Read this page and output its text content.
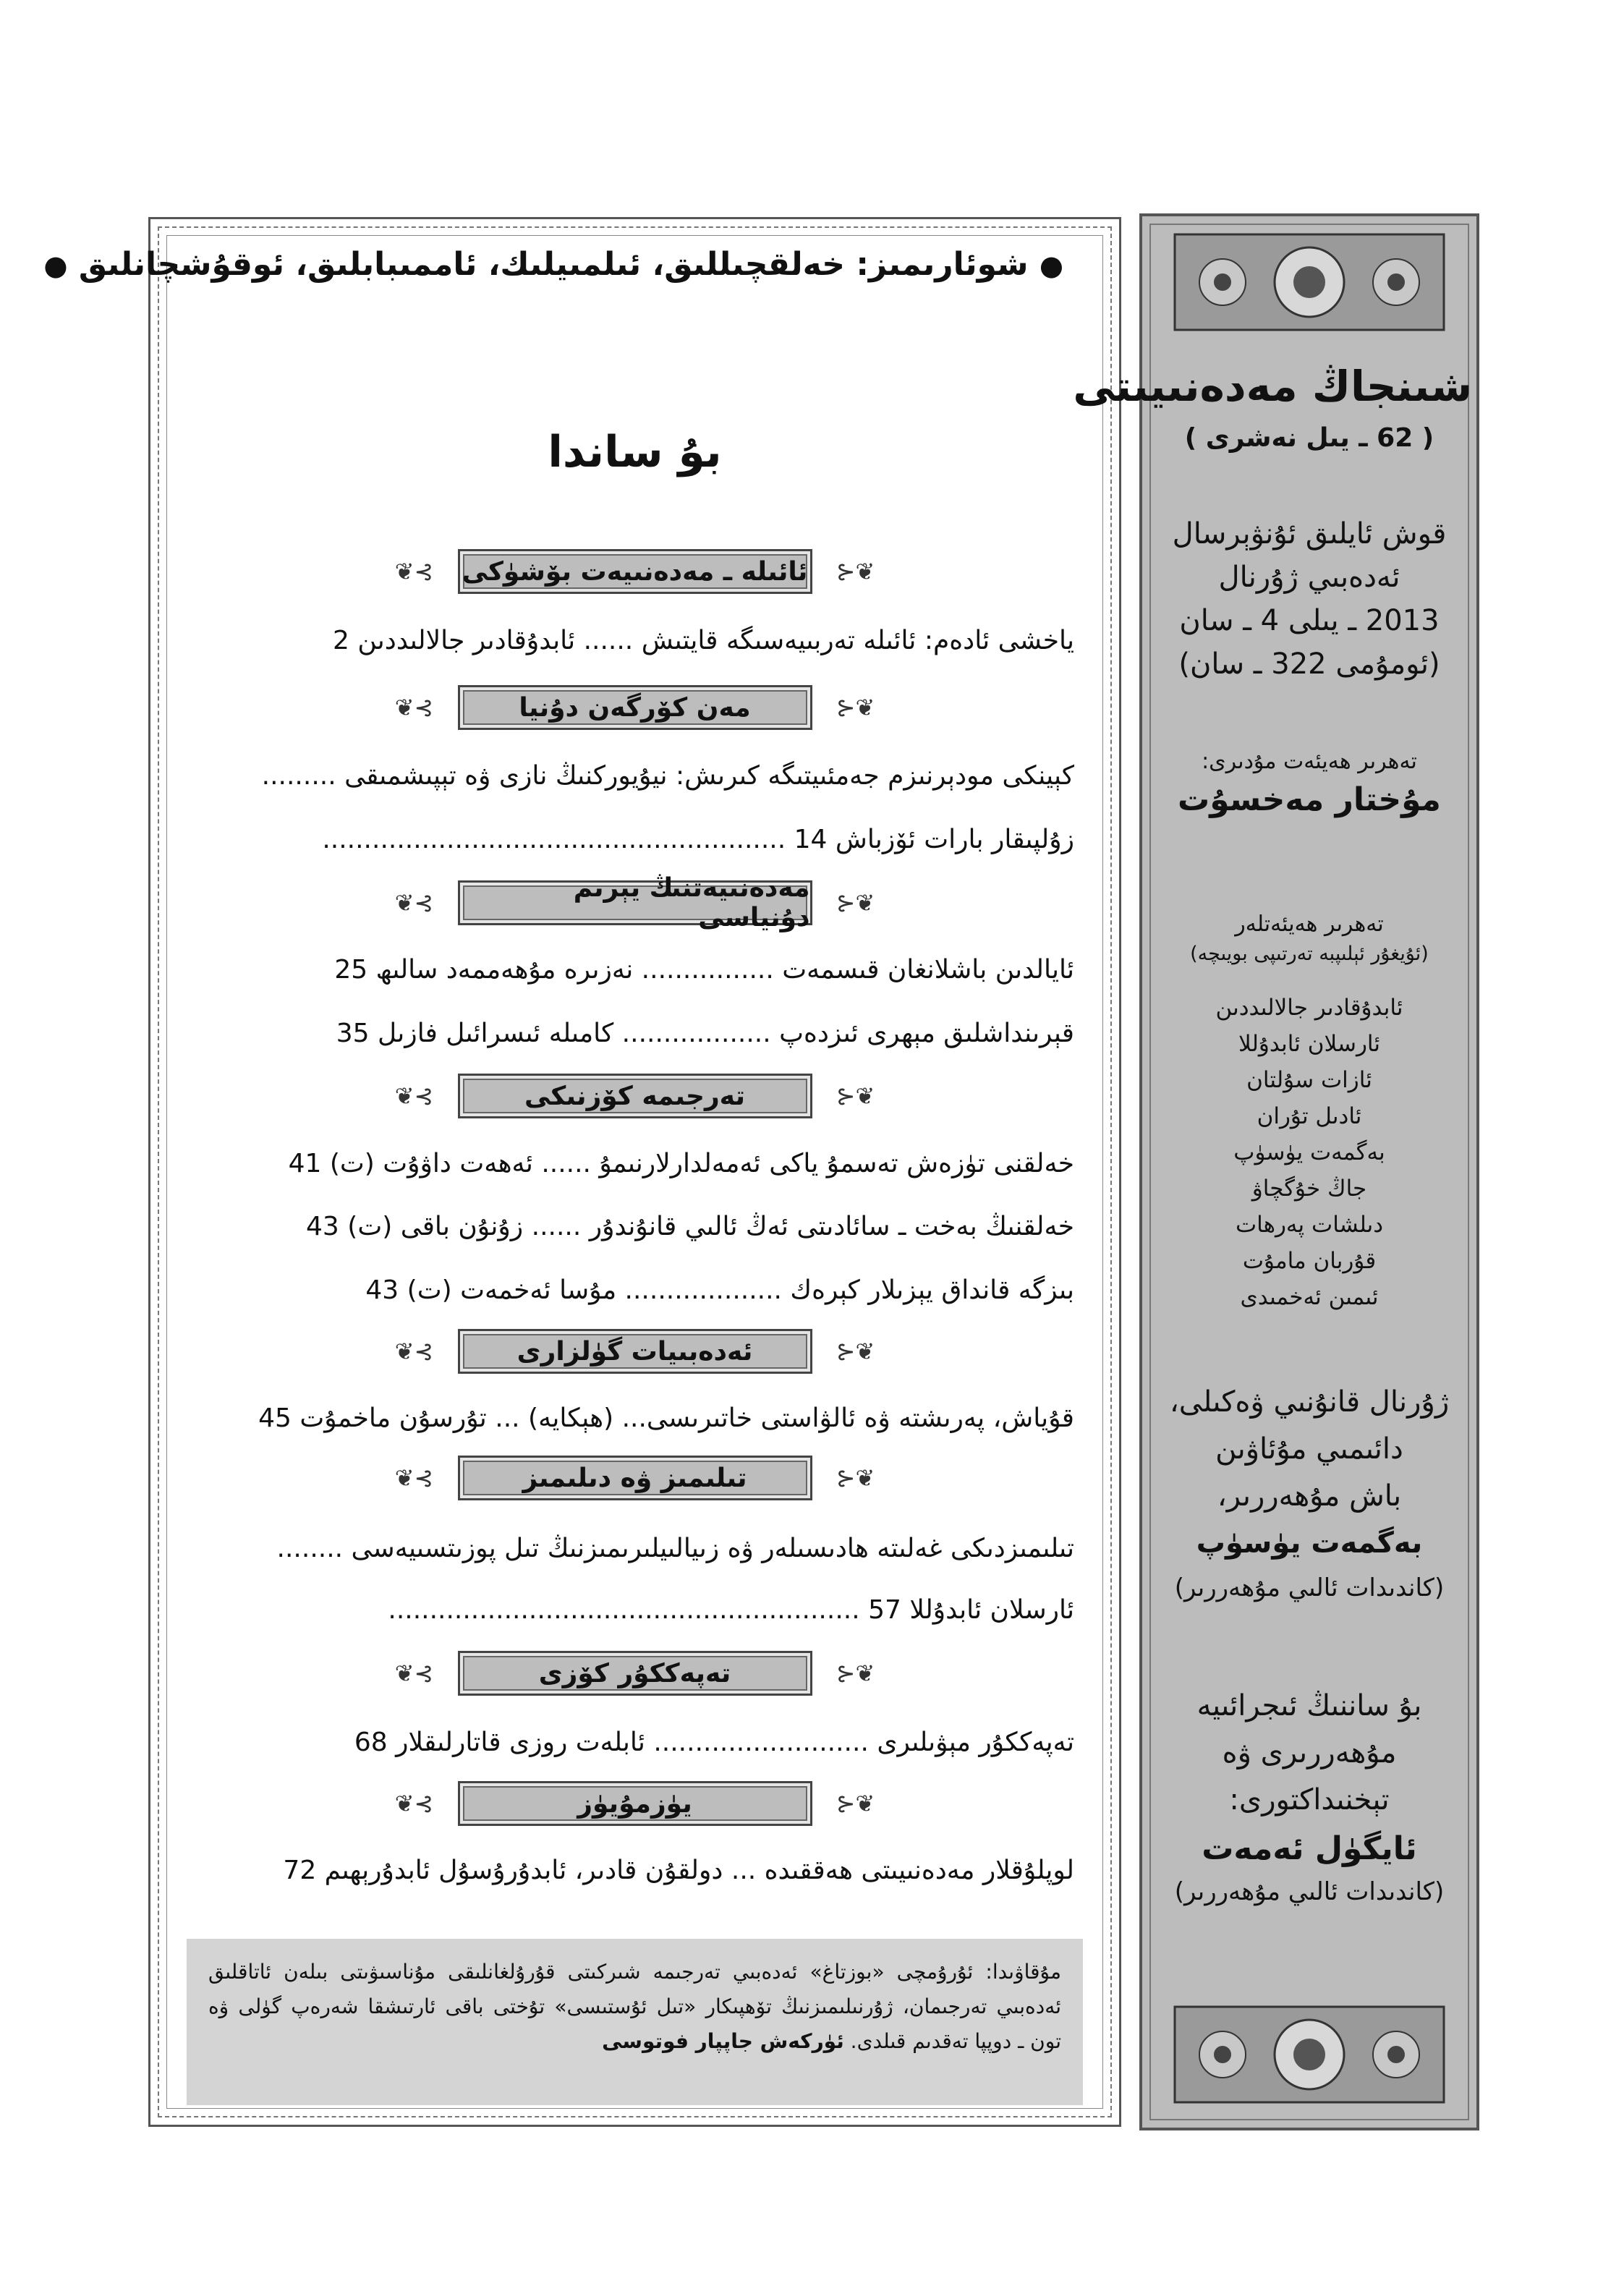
● شوئارىمىز: خەلقچىللىق، ئىلمىيلىك، ئاممىبابلىق، ئوقۇشچانلىق ●
بۇ ساندا
❦⊰
ئائىلە ـ مەدەنىيەت بۆشۈكى
⊱❦
ياخشى ئادەم: ئائىلە تەربىيەسىگە قايتىش ...... ئابدۇقادىر جالالىددىن 2
❦⊰
مەن كۆرگەن دۇنيا
⊱❦
كېينكى مودېرنىزم جەمئىيتىگە كىرىش: نيۇيوركنىڭ نازى ۋە تېپىشمىقى .........
زۇلپىقار بارات ئۆزباش 14 ........................................................
❦⊰
مەدەنىيەتنىڭ يېرىم دۇنياسى
⊱❦
ئايالدىن باشلانغان قىسمەت ................ نەزىرە مۇھەممەد سالىھ 25
قېرىنداشلىق مېھرى ئىزدەپ .................. كامىلە ئىسرائىل فازىل 35
❦⊰
تەرجىمە كۆزنىكى
⊱❦
خەلقنى تۈزەش تەسمۇ ياكى ئەمەلدارلارنىمۇ ...... ئەھەت داۋۇت (ت) 41
خەلقنىڭ بەخت ـ سائادىتى ئەڭ ئالىي قانۇندۇر ...... زۇنۇن باقى (ت) 43
بىزگە قانداق يېزىلار كېرەك ................... مۇسا ئەخمەت (ت) 43
❦⊰
ئەدەبىيات گۈلزارى
⊱❦
قۇياش، پەرىشتە ۋە ئالۋاستى خاتىرىسى... (ھېكايە) ... تۇرسۇن ماخمۇت 45
❦⊰
تىلىمىز ۋە دىلىمىز
⊱❦
تىلىمىزدىكى غەلىتە ھادىسىلەر ۋە زىيالىيلىرىمىزنىڭ تىل پوزىتسىيەسى ........
ئارسلان ئابدۇللا 57 .........................................................
❦⊰
تەپەككۇر كۆزى
⊱❦
تەپەككۇر مېۋىلىرى .......................... ئابلەت روزى قاتارلىقلار 68
❦⊰
يۈزمۇيۈز
⊱❦
لوپلۇقلار مەدەنىيىتى ھەققىدە ... دولقۇن قادىر، ئابدۇرۇسۇل ئابدۇرېھىم 72
مۇقاۋىدا: ئۇرۇمچى «بوزتاغ» ئەدەبىي تەرجىمە شىركىتى قۇرۇلغانلىقى مۇناسىۋىتى بىلەن ئاتاقلىق ئەدەبىي تەرجىمان، ژۇرنىلىمىزنىڭ تۆھپىكار «تىل ئۇستىسى» تۇختى باقى ئارتىشقا شەرەپ گۈلى ۋە تون ـ دوپپا تەقدىم قىلدى. ئۈركەش جاپپار فوتوسى
شىنجاڭ مەدەنىيىتى
( 62 ـ يىل نەشرى )
قوش ئايلىق ئۇنۋېرسال
ئەدەبىي ژۇرنال
2013 ـ يىلى 4 ـ سان
(ئومۇمى 322 ـ سان)
تەھرىر ھەيئەت مۇدىرى:
مۇختار مەخسۇت
تەھرىر ھەيئەتلەر
(ئۇيغۇر ئېلىپبە تەرتىپى بويىچە)
ئابدۇقادىر جالالىددىن
ئارسلان ئابدۇللا
ئازات سۇلتان
ئادىل تۇران
بەگمەت يۈسۈپ
جاڭ خۇگچاۋ
دىلشات پەرھات
قۇربان مامۇت
ئىمىن ئەخمىدى
ژۇرنال قانۇنىي ۋەكىلى،
دائىمىي مۇئاۋىن
باش مۇھەررىر،
بەگمەت يۈسۈپ
(كاندىدات ئالىي مۇھەررىر)
بۇ ساننىڭ ئىجرائىيە
مۇھەررىرى ۋە
تېخنىداكتورى:
ئايگۈل ئەمەت
(كاندىدات ئالىي مۇھەررىر)
